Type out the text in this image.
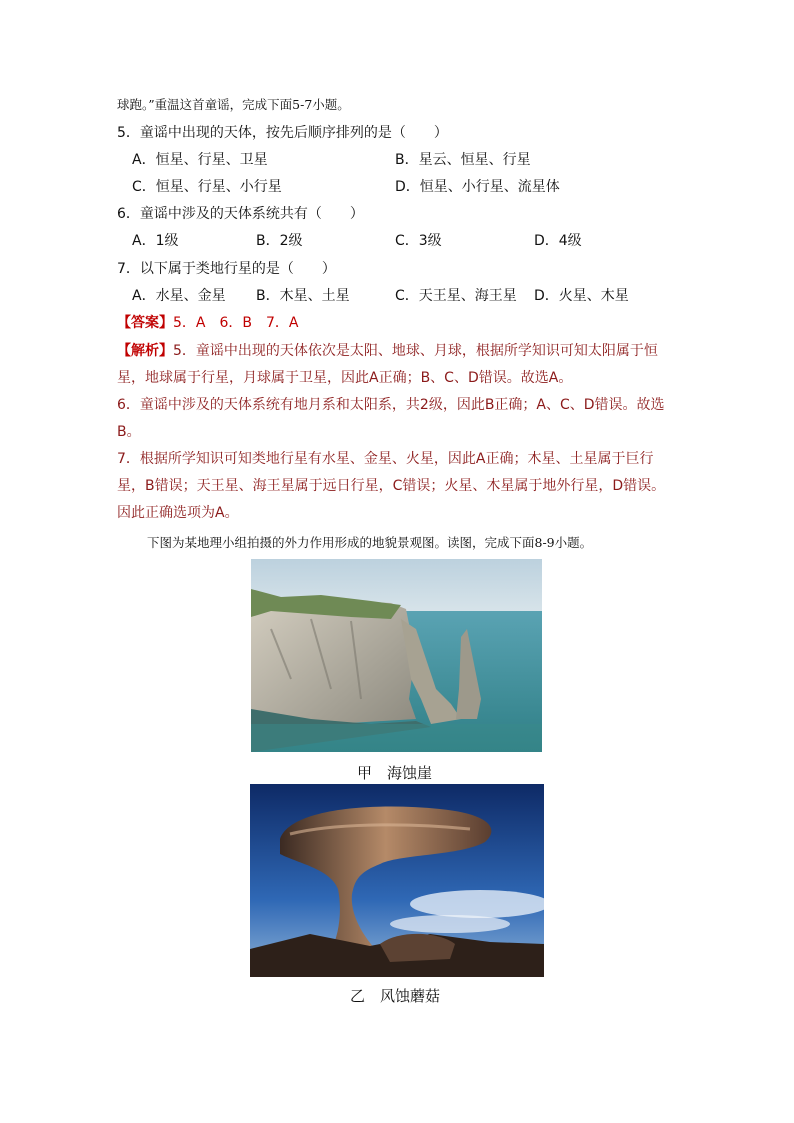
球跑。”重温这首童谣，完成下面5-7小题。
5．童谣中出现的天体，按先后顺序排列的是（　　）
A．恒星、行星、卫星	B．星云、恒星、行星
C．恒星、行星、小行星	D．恒星、小行星、流星体
6．童谣中涉及的天体系统共有（　　）
A．1级	B．2级	C．3级	D．4级
7．以下属于类地行星的是（　　）
A．水星、金星 B．木星、土星	C．天王星、海王星 D．火星、木星
【答案】5．A　6．B　7．A
【解析】5．童谣中出现的天体依次是太阳、地球、月球，根据所学知识可知太阳属于恒星，地球属于行星，月球属于卫星，因此A正确；B、C、D错误。故选A。
6．童谣中涉及的天体系统有地月系和太阳系，共2级，因此B正确；A、C、D错误。故选B。
7．根据所学知识可知类地行星有水星、金星、火星，因此A正确；木星、土星属于巨行星，B错误；天王星、海王星属于远日行星，C错误；火星、木星属于地外行星，D错误。因此正确选项为A。
下图为某地理小组拍摄的外力作用形成的地貌景观图。读图，完成下面8-9小题。
甲　海蚀崖
乙　风蚀蘑菇
